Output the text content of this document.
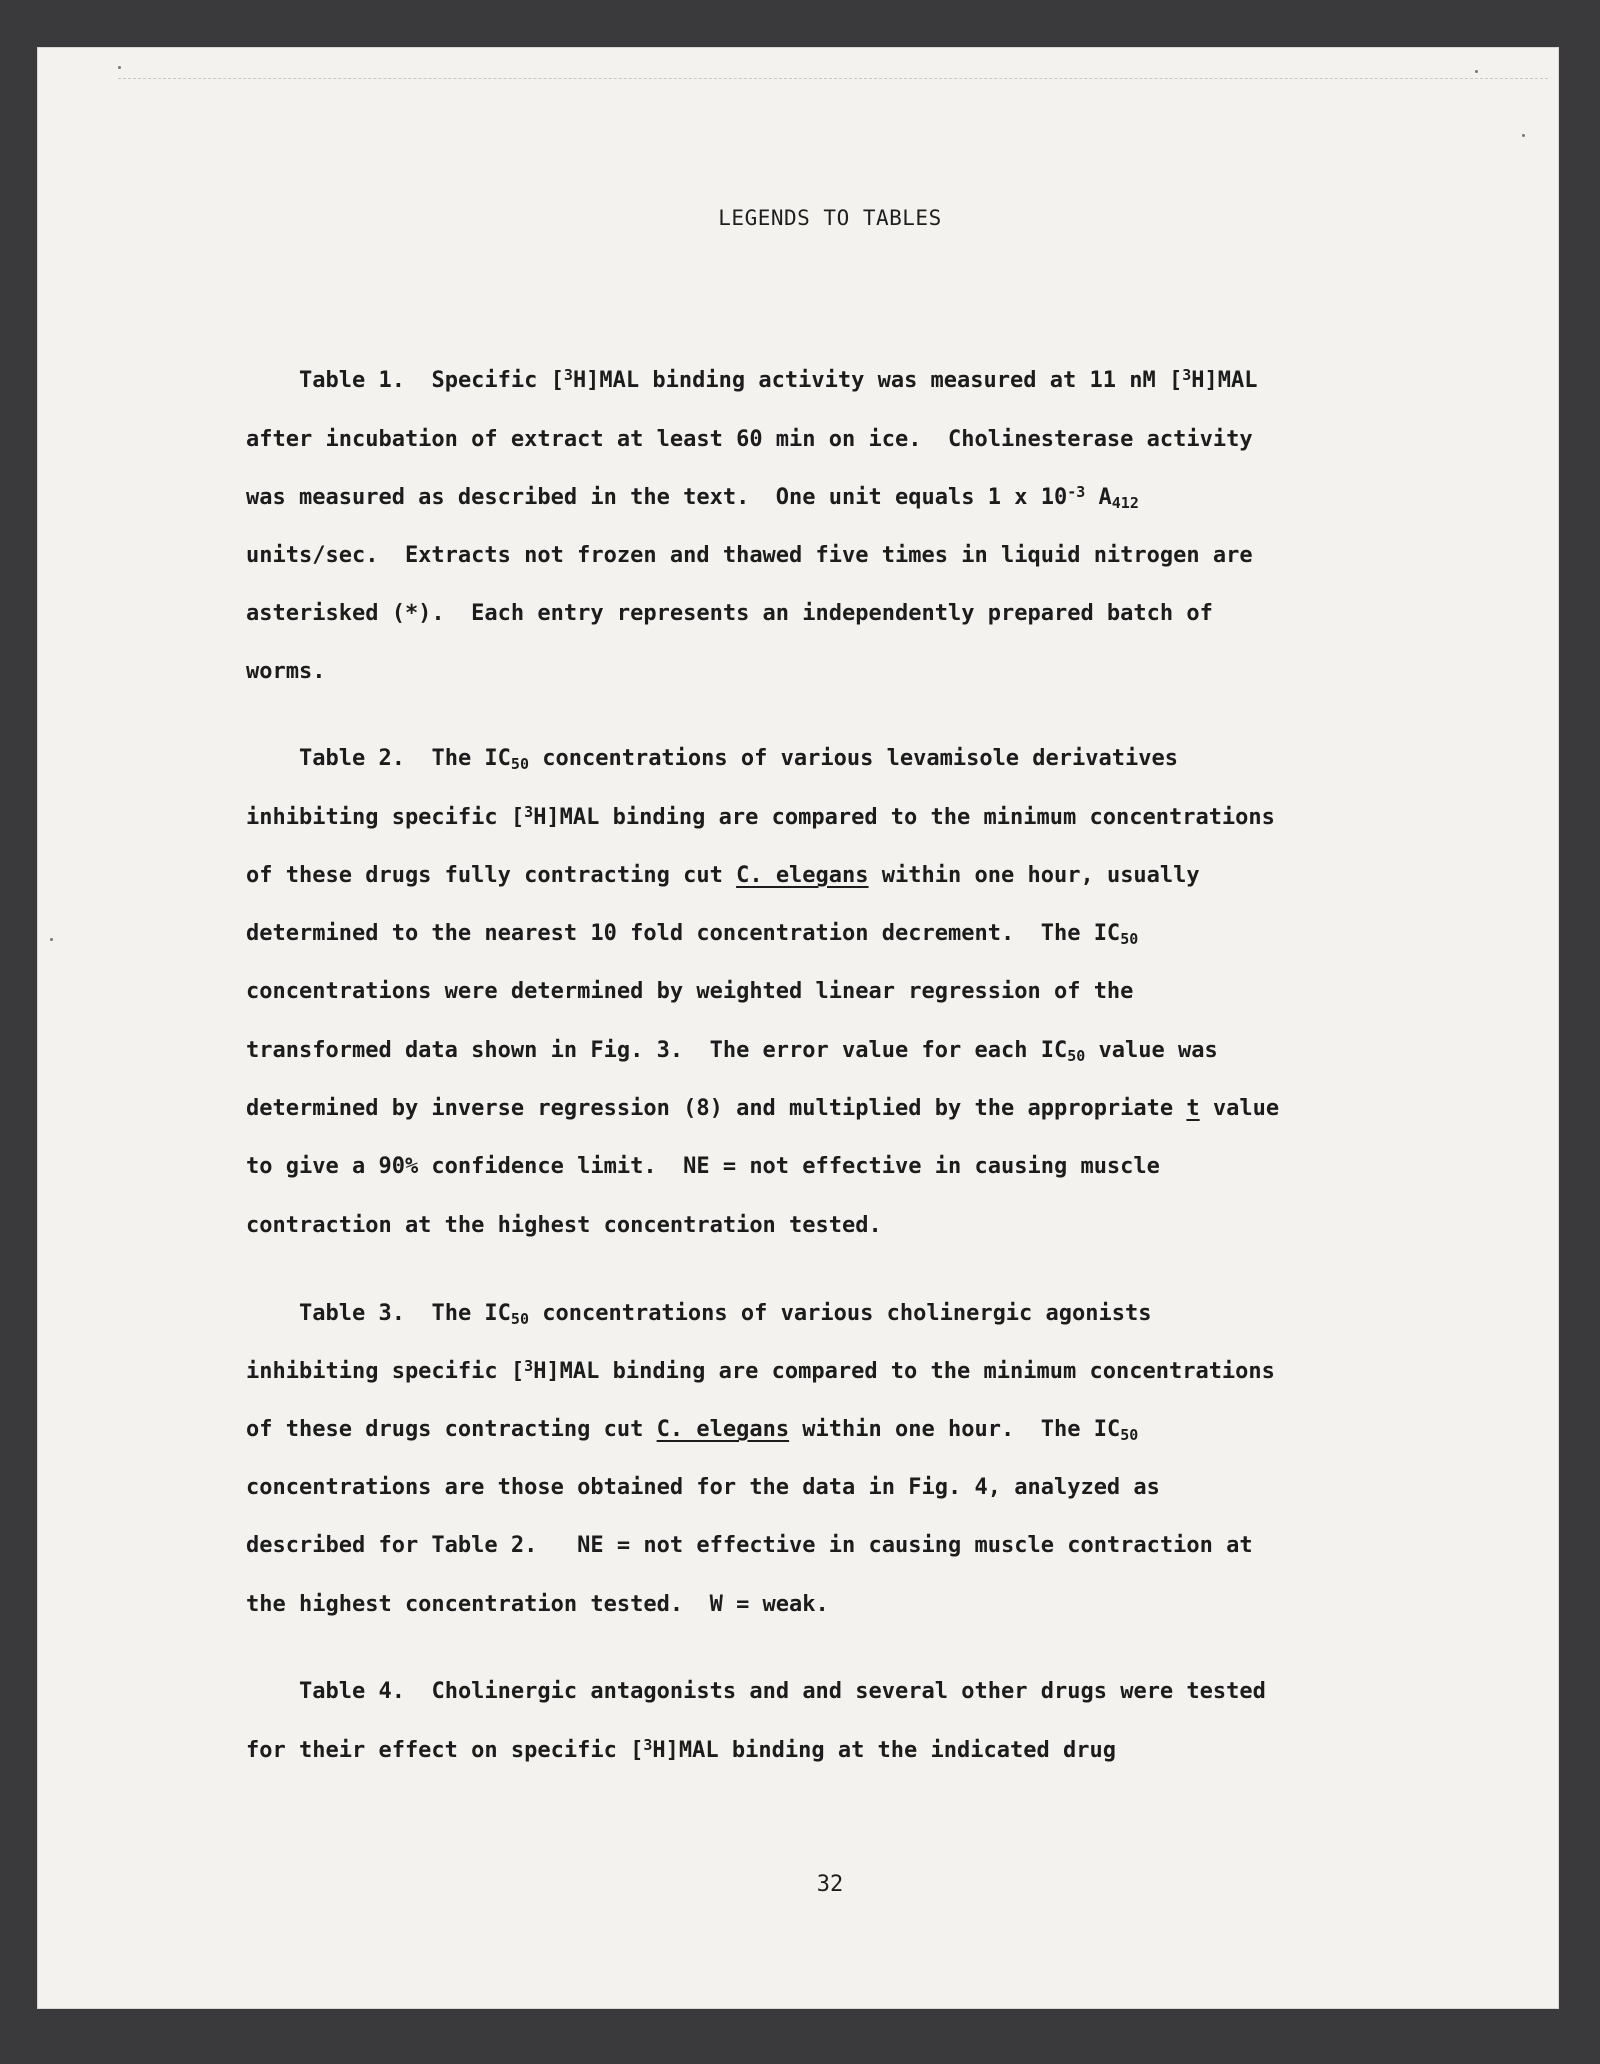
LEGENDS TO TABLES
Table 1.  Specific [$^3$H]MAL binding activity was measured at 11 nM [$^3$H]MAL
after incubation of extract at least 60 min on ice.  Cholinesterase activity
was measured as described in the text.  One unit equals 1 x $10^{-3}$ $A_{412}$
units/sec.  Extracts not frozen and thawed five times in liquid nitrogen are
asterisked (*).  Each entry represents an independently prepared batch of
worms.
Table 2.  The $IC_{50}$ concentrations of various levamisole derivatives
inhibiting specific [$^3$H]MAL binding are compared to the minimum concentrations
of these drugs fully contracting cut C. elegans within one hour, usually
determined to the nearest 10 fold concentration decrement.  The $IC_{50}$
concentrations were determined by weighted linear regression of the
transformed data shown in Fig. 3.  The error value for each $IC_{50}$ value was
determined by inverse regression (8) and multiplied by the appropriate t value
to give a 90% confidence limit.  NE = not effective in causing muscle
contraction at the highest concentration tested.
Table 3.  The $IC_{50}$ concentrations of various cholinergic agonists
inhibiting specific [$^3$H]MAL binding are compared to the minimum concentrations
of these drugs contracting cut C. elegans within one hour.  The $IC_{50}$
concentrations are those obtained for the data in Fig. 4, analyzed as
described for Table 2.   NE = not effective in causing muscle contraction at
the highest concentration tested.  W = weak.
Table 4.  Cholinergic antagonists and and several other drugs were tested
for their effect on specific [$^3$H]MAL binding at the indicated drug
32
